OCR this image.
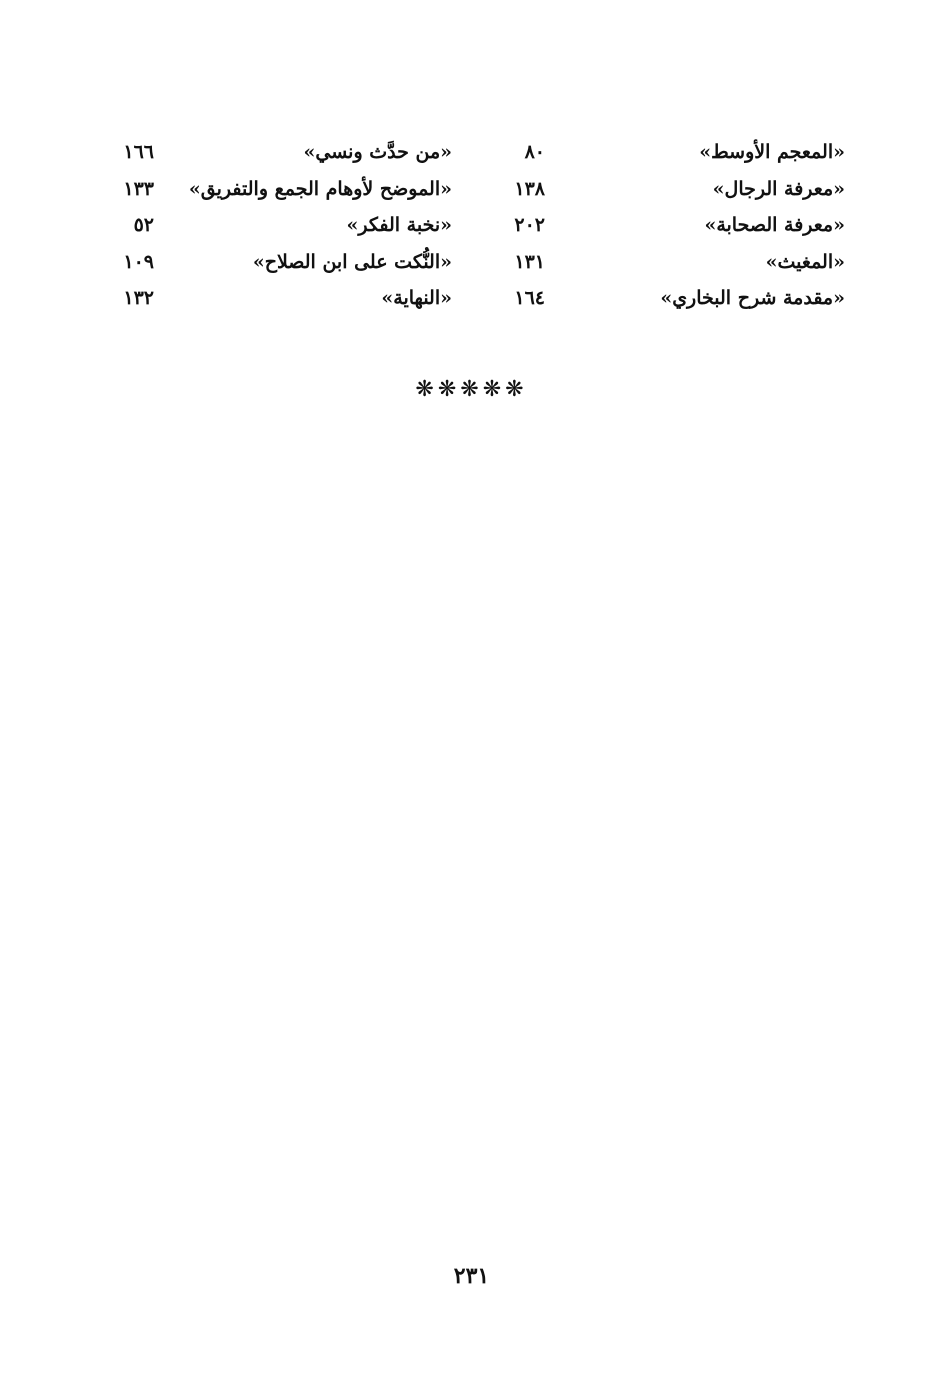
«المعجم الأوسط»
٨٠
«من حدَّث ونسي»
١٦٦
«معرفة الرجال»
١٣٨
«الموضح لأوهام الجمع والتفريق»
١٣٣
«معرفة الصحابة»
٢٠٢
«نخبة الفكر»
٥٢
«المغيث»
١٣١
«النُّكت على ابن الصلاح»
١٠٩
«مقدمة شرح البخاري»
١٦٤
«النهاية»
١٣٢
❋❋❋❋❋
٢٣١
